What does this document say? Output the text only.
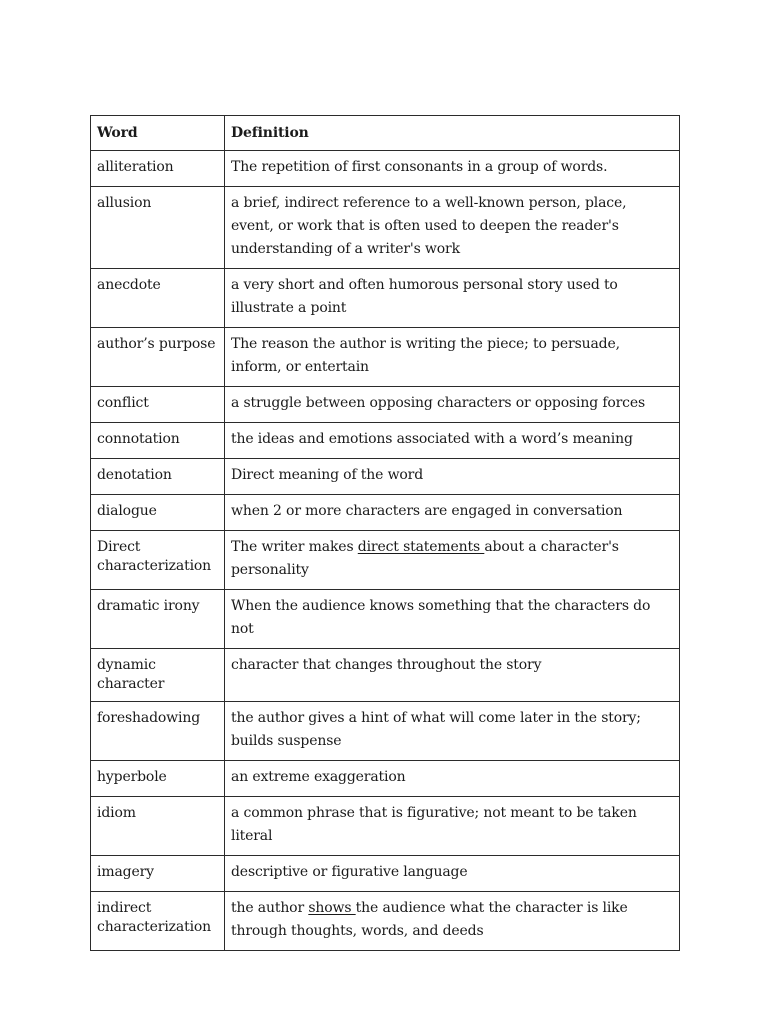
Word	Definition
alliteration	The repetition of first consonants in a group of words.
allusion	a brief, indirect reference to a well-known person, place, event, or work that is often used to deepen the reader's understanding of a writer's work
anecdote	a very short and often humorous personal story used to illustrate a point
author’s purpose	The reason the author is writing the piece; to persuade, inform, or entertain
conflict	a struggle between opposing characters or opposing forces
connotation	the ideas and emotions associated with a word’s meaning
denotation	Direct meaning of the word
dialogue	when 2 or more characters are engaged in conversation
Direct characterization	The writer makes direct statements about a character's personality
dramatic irony	When the audience knows something that the characters do not
dynamic character	character that changes throughout the story
foreshadowing	the author gives a hint of what will come later in the story; builds suspense
hyperbole	an extreme exaggeration
idiom	a common phrase that is figurative; not meant to be taken literal
imagery	descriptive or figurative language
indirect characterization	the author shows the audience what the character is like through thoughts, words, and deeds
